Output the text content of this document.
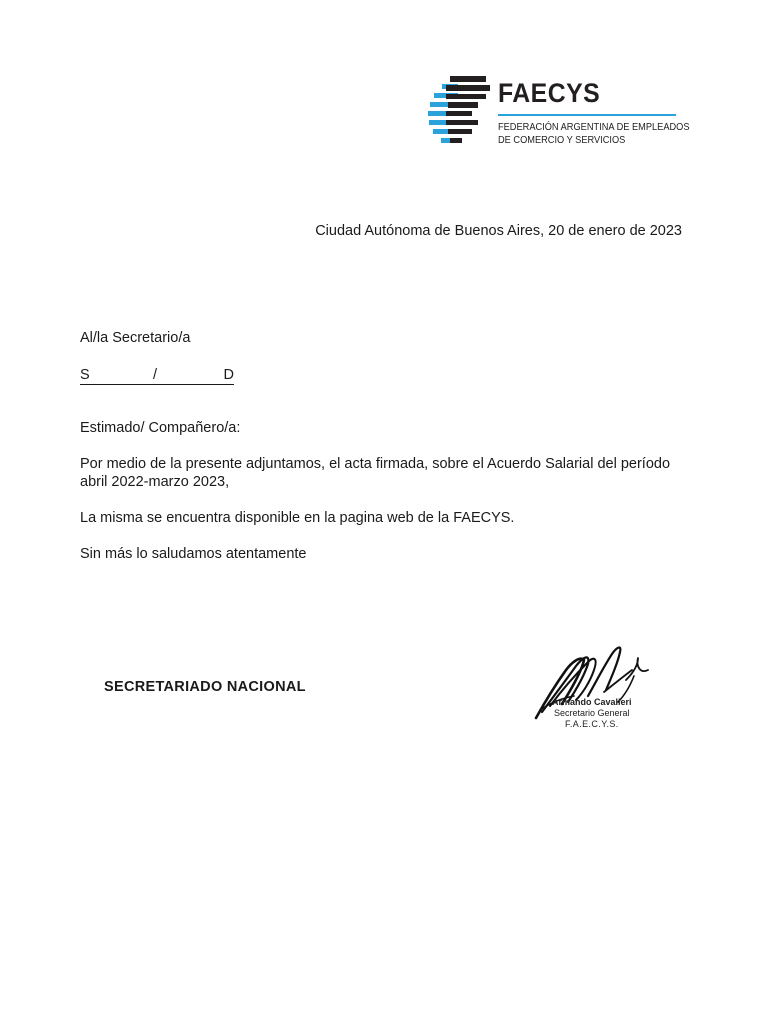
FAECYS
FEDERACIÓN ARGENTINA DE EMPLEADOS
DE COMERCIO Y SERVICIOS
Ciudad Autónoma de Buenos Aires, 20 de enero de 2023
Al/la Secretario/a
S	/	D
Estimado/ Compañero/a:
Por medio de la presente adjuntamos, el acta firmada, sobre el Acuerdo Salarial del período abril 2022-marzo 2023,
La misma se encuentra disponible en la pagina web de la FAECYS.
Sin más lo saludamos atentamente
SECRETARIADO NACIONAL
Armando Cavalieri
Secretario General
F.A.E.C.Y.S.
